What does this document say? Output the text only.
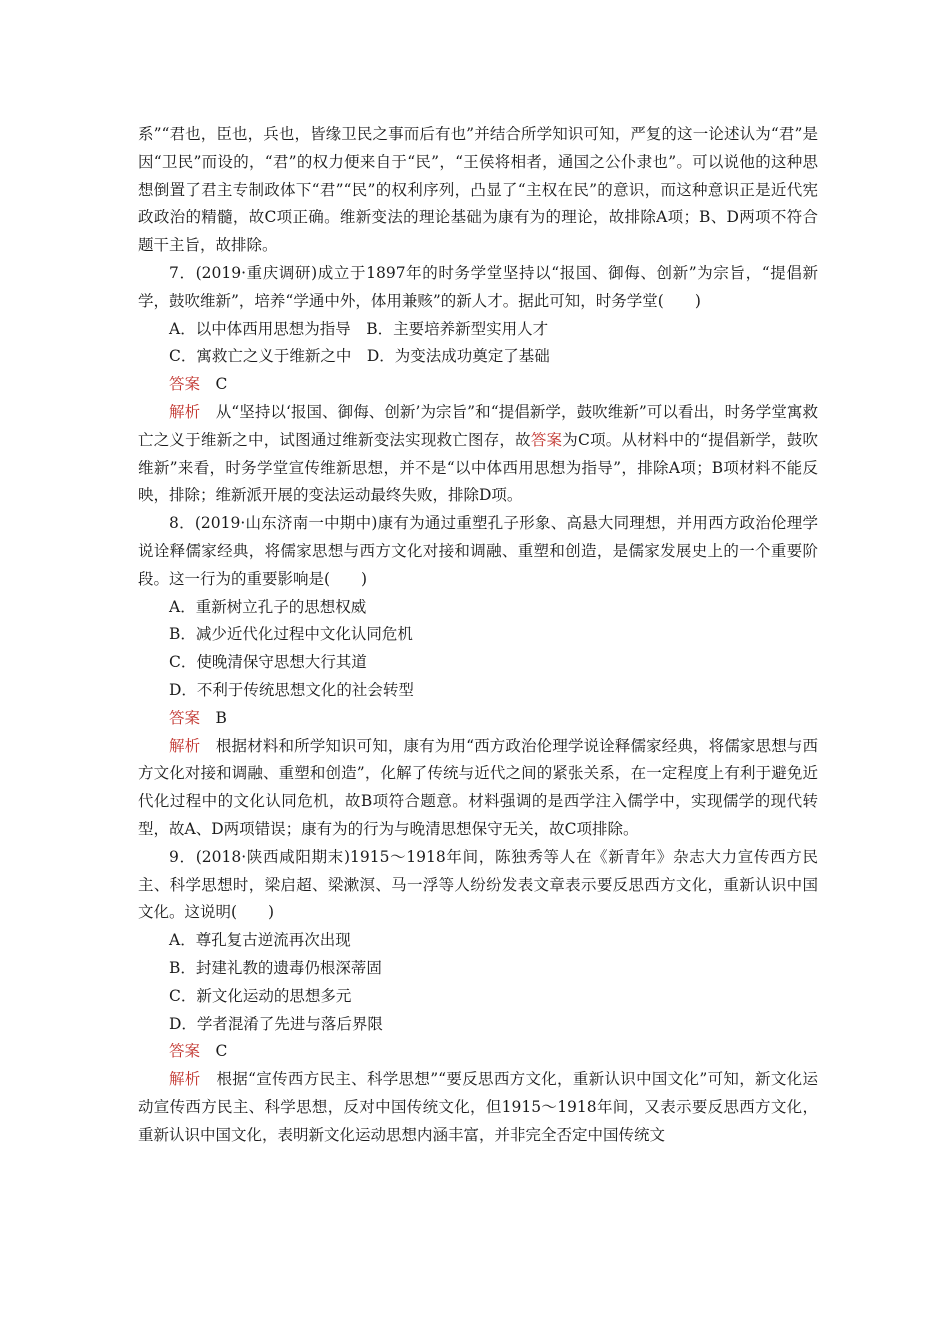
系”“君也，臣也，兵也，皆缘卫民之事而后有也”并结合所学知识可知，严复的这一论述认为“君”是因“卫民”而设的，“君”的权力便来自于“民”，“王侯将相者，通国之公仆隶也”。可以说他的这种思想倒置了君主专制政体下“君”“民”的权利序列，凸显了“主权在民”的意识，而这种意识正是近代宪政政治的精髓，故C项正确。维新变法的理论基础为康有为的理论，故排除A项；B、D两项不符合题干主旨，故排除。

7．(2019·重庆调研)成立于1897年的时务学堂坚持以“报国、御侮、创新”为宗旨，“提倡新学，鼓吹维新”，培养“学通中外，体用兼赅”的新人才。据此可知，时务学堂(　　)

A．以中体西用思想为指导　B．主要培养新型实用人才

C．寓救亡之义于维新之中　D．为变法成功奠定了基础

答案 C

解析　 从“坚持以‘报国、御侮、创新’为宗旨”和“提倡新学，鼓吹维新”可以看出，时务学堂寓救亡之义于维新之中，试图通过维新变法实现救亡图存，故答案为C项。从材料中的“提倡新学，鼓吹维新”来看，时务学堂宣传维新思想，并不是“以中体西用思想为指导”，排除A项；B项材料不能反映，排除；维新派开展的变法运动最终失败，排除D项。

8．(2019·山东济南一中期中)康有为通过重塑孔子形象、高悬大同理想，并用西方政治伦理学说诠释儒家经典，将儒家思想与西方文化对接和调融、重塑和创造，是儒家发展史上的一个重要阶段。这一行为的重要影响是(　　)

A．重新树立孔子的思想权威

B．减少近代化过程中文化认同危机

C．使晚清保守思想大行其道

D．不利于传统思想文化的社会转型

答案 B

解析　 根据材料和所学知识可知，康有为用“西方政治伦理学说诠释儒家经典，将儒家思想与西方文化对接和调融、重塑和创造”，化解了传统与近代之间的紧张关系，在一定程度上有利于避免近代化过程中的文化认同危机，故B项符合题意。材料强调的是西学注入儒学中，实现儒学的现代转型，故A、D两项错误；康有为的行为与晚清思想保守无关，故C项排除。

9．(2018·陕西咸阳期末)1915～1918年间，陈独秀等人在《新青年》杂志大力宣传西方民主、科学思想时，梁启超、梁漱溟、马一浮等人纷纷发表文章表示要反思西方文化，重新认识中国文化。这说明(　　)

A．尊孔复古逆流再次出现

B．封建礼教的遗毒仍根深蒂固

C．新文化运动的思想多元

D．学者混淆了先进与落后界限

答案 C

解析　 根据“宣传西方民主、科学思想”“要反思西方文化，重新认识中国文化”可知，新文化运动宣传西方民主、科学思想，反对中国传统文化，但1915～1918年间，又表示要反思西方文化，重新认识中国文化，表明新文化运动思想内涵丰富，并非完全否定中国传统文
